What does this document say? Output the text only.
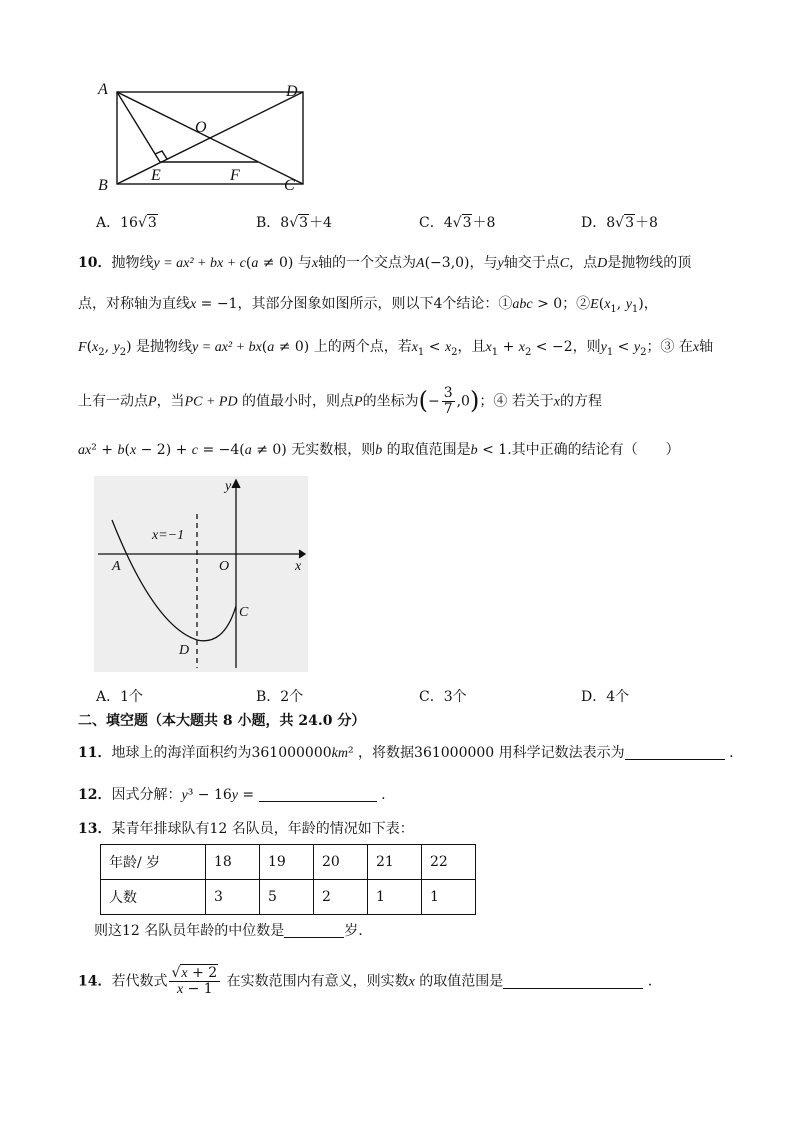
A	D
B	C
O
E	F
A．16√3	B．8√3＋4	C．4√3＋8	D．8√3＋8
10．抛物线y = ax² + bx + c(a ≠ 0) 与x轴的一个交点为A(−3,0)，与y轴交于点C，点D是抛物线的顶
点，对称轴为直线x = −1，其部分图象如图所示，则以下4个结论：①abc > 0；$②E(x_1$, $y_1$)，
$F(x_2$, $y_2$) 是抛物线y = ax² + bx(a ≠ 0) 上的两个点，若$x_1 < x_2$，且$x_1 + x_2 < -2$，则$y_1 < y_2$；③ 在x轴
上有一动点P，当PC + PD 的值最小时，则点P的坐标为(− $\frac{3}{7} ,0$)；④ 若关于x的方程
ax² + b(x − 2) + c = −4(a ≠ 0) 无实数根，则b 的取值范围是b < 1.其中正确的结论有（　　）
y
x
x=−1
A	O
C
D
A．1个	B．2个	C．3个	D．4个
二、填空题（本大题共 8 小题，共 24.0 分）
11．地球上的海洋面积约为361000000km² ，将数据361000000 用科学记数法表示为	.
12．因式分解：y³ − 16y =	.
13．某青年排球队有12 名队员，年龄的情况如下表：
年龄/ 岁	18	19	20	21	22
人数	3	5	2	1	1
则这12 名队员年龄的中位数是	岁.
14．若代数式 $\frac{√x + 2}{x - 1}$ 在实数范围内有意义，则实数x 的取值范围是	.
